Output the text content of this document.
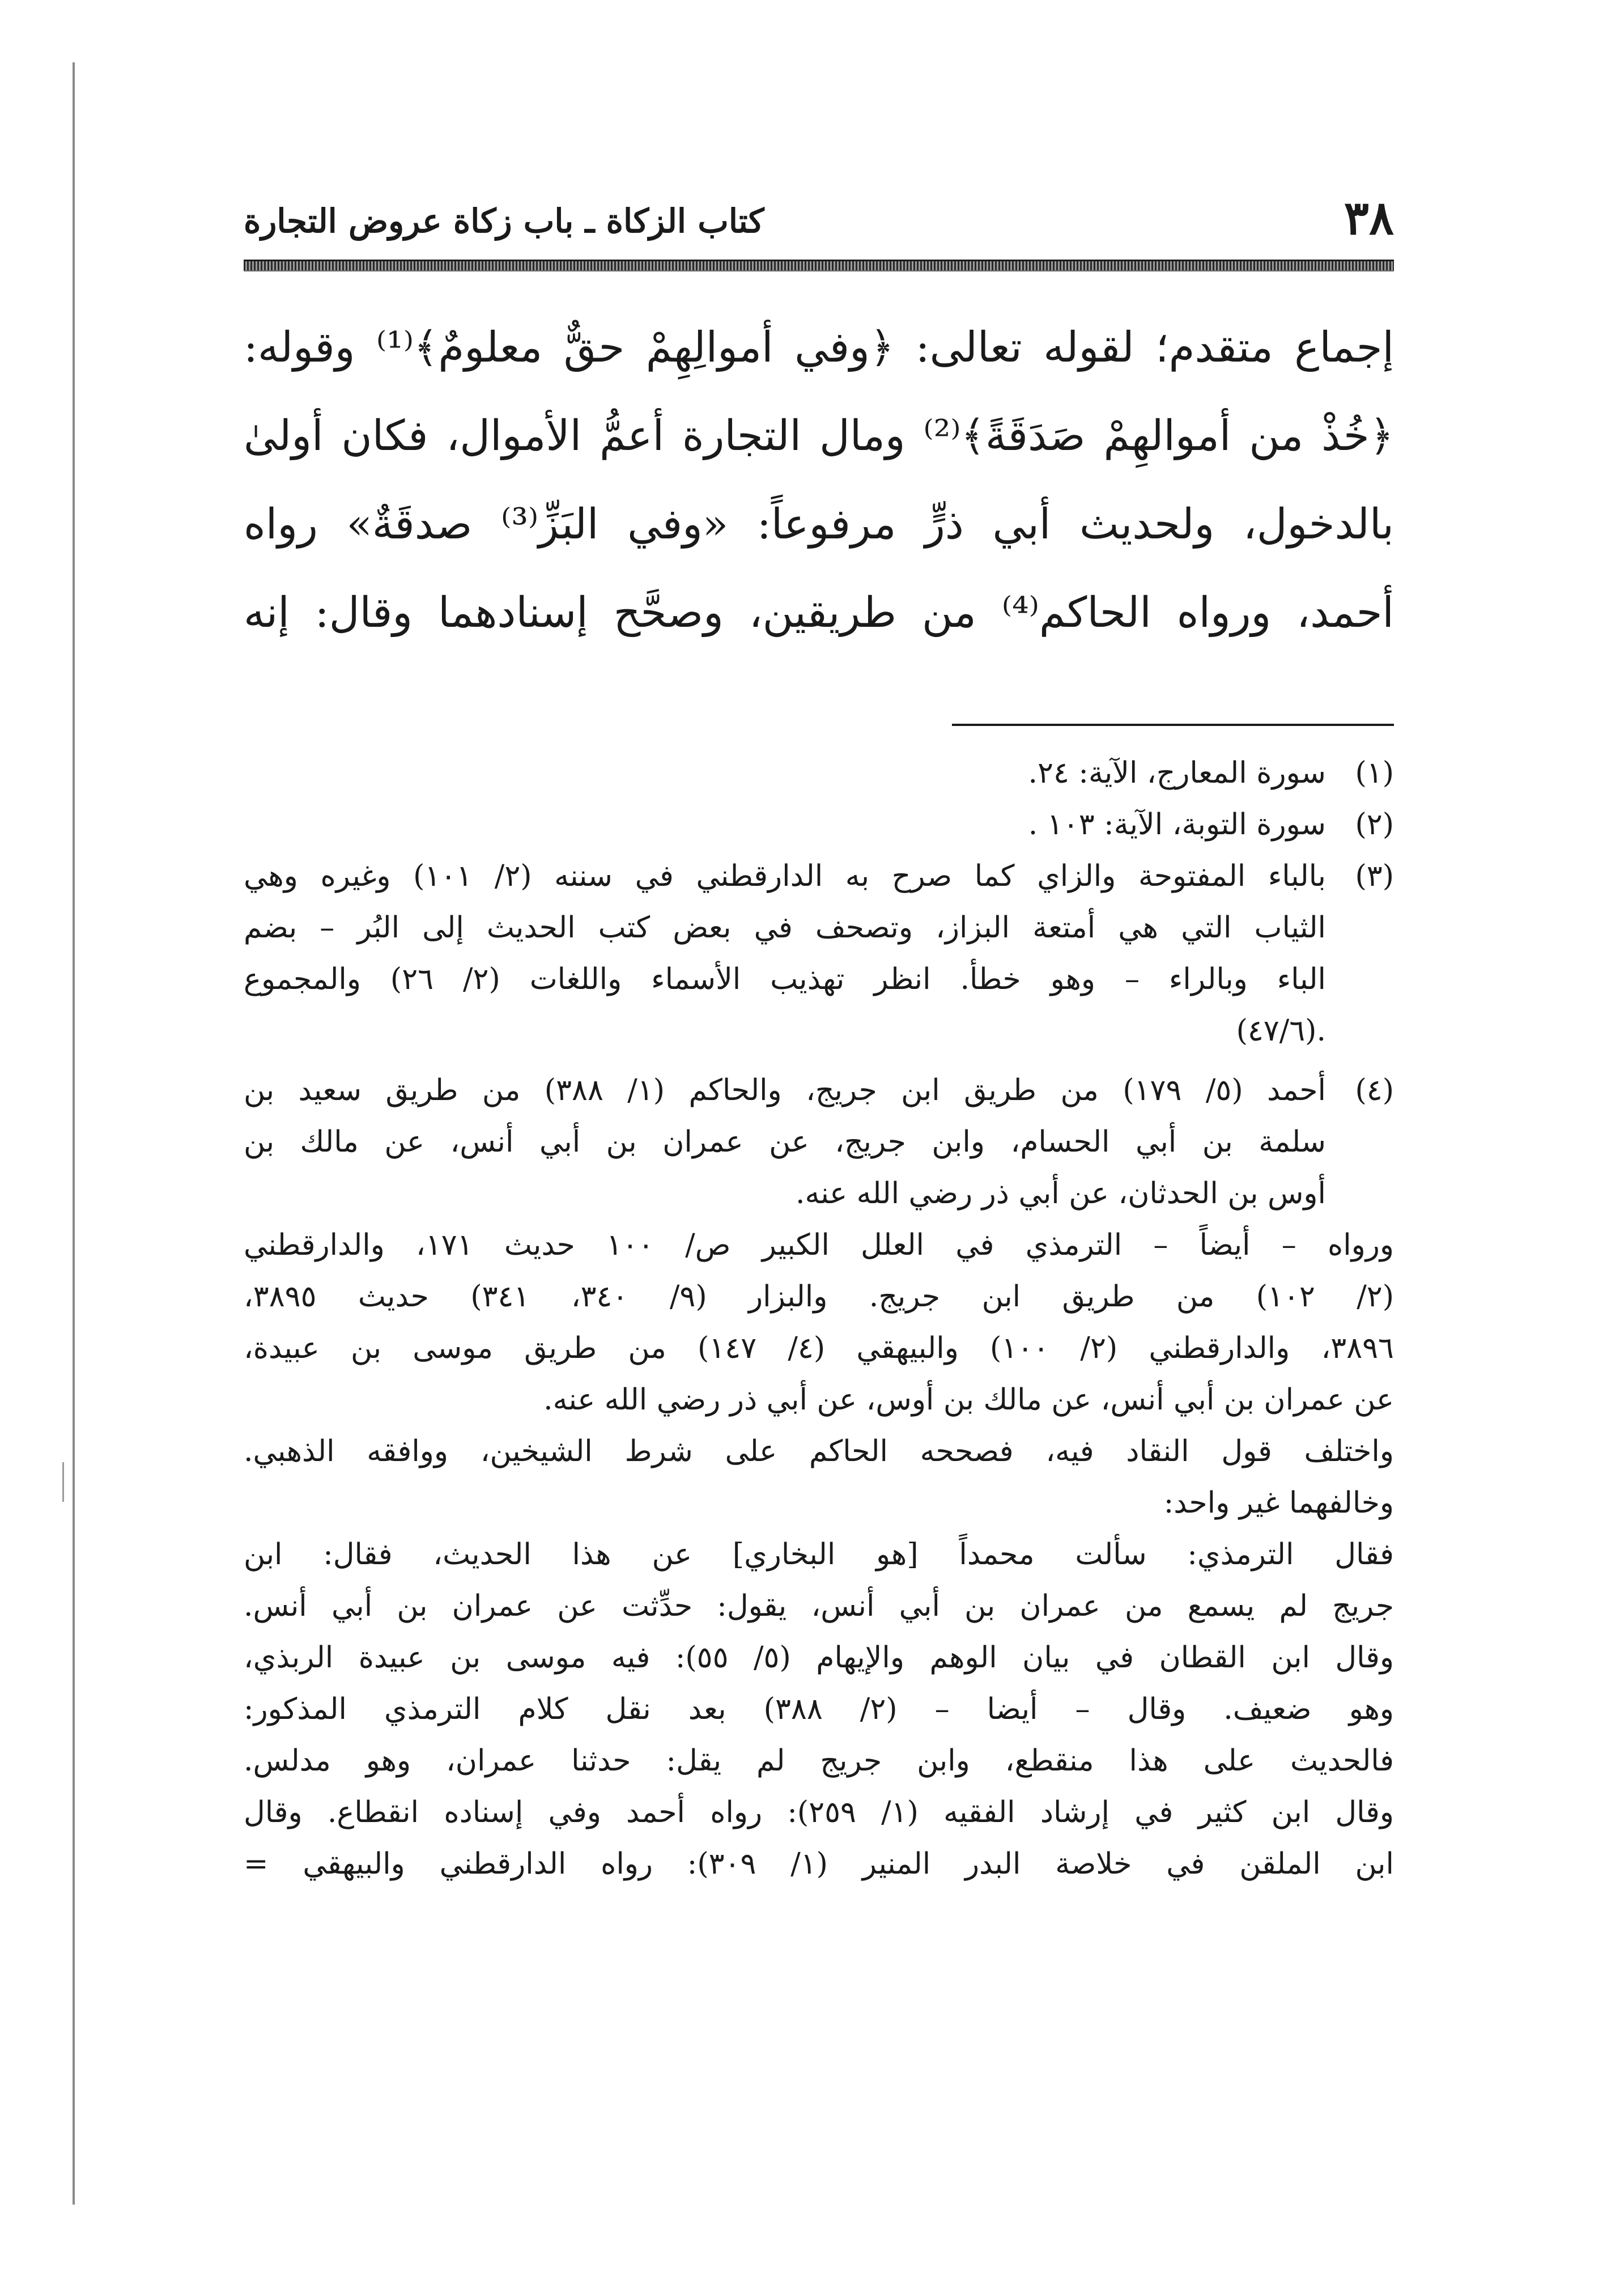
٣٨
كتاب الزكاة ـ باب زكاة عروض التجارة
إجماع متقدم؛ لقوله تعالى: ﴿وفي أموالِهِمْ حقٌّ معلومٌ﴾⁽¹⁾ وقوله:
﴿خُذْ من أموالهِمْ صَدَقَةً﴾⁽²⁾ ومال التجارة أعمُّ الأموال، فكان أولىٰ
بالدخول، ولحديث أبي ذرٍّ مرفوعاً: «وفي البَزِّ⁽³⁾ صدقَةٌ» رواه
أحمد، ورواه الحاكم⁽⁴⁾ من طريقين، وصحَّح إسنادهما وقال: إنه
(١)
سورة المعارج، الآية: ٢٤.
(٢)
سورة التوبة، الآية: ١٠٣ .
(٣)
بالباء المفتوحة والزاي كما صرح به الدارقطني في سننه (٢/ ١٠١) وغيره وهي
الثياب التي هي أمتعة البزاز، وتصحف في بعض كتب الحديث إلى البُر – بضم
الباء وبالراء – وهو خطأ. انظر تهذيب الأسماء واللغات (٢/ ٢٦) والمجموع
.(٤٧/٦)
(٤)
أحمد (٥/ ١٧٩) من طريق ابن جريج، والحاكم (١/ ٣٨٨) من طريق سعيد بن
سلمة بن أبي الحسام، وابن جريج، عن عمران بن أبي أنس، عن مالك بن
أوس بن الحدثان، عن أبي ذر رضي الله عنه.
ورواه – أيضاً – الترمذي في العلل الكبير ص/ ١٠٠ حديث ١٧١، والدارقطني
(٢/ ١٠٢) من طريق ابن جريج. والبزار (٩/ ٣٤٠، ٣٤١) حديث ٣٨٩٥،
٣٨٩٦، والدارقطني (٢/ ١٠٠) والبيهقي (٤/ ١٤٧) من طريق موسى بن عبيدة،
عن عمران بن أبي أنس، عن مالك بن أوس، عن أبي ذر رضي الله عنه.
واختلف قول النقاد فيه، فصححه الحاكم على شرط الشيخين، ووافقه الذهبي.
وخالفهما غير واحد:
فقال الترمذي: سألت محمداً [هو البخاري] عن هذا الحديث، فقال: ابن
جريج لم يسمع من عمران بن أبي أنس، يقول: حدِّثت عن عمران بن أبي أنس.
وقال ابن القطان في بيان الوهم والإيهام (٥/ ٥٥): فيه موسى بن عبيدة الربذي،
وهو ضعيف. وقال – أيضا – (٢/ ٣٨٨) بعد نقل كلام الترمذي المذكور:
فالحديث على هذا منقطع، وابن جريج لم يقل: حدثنا عمران، وهو مدلس.
وقال ابن كثير في إرشاد الفقيه (١/ ٢٥٩): رواه أحمد وفي إسناده انقطاع. وقال
ابن الملقن في خلاصة البدر المنير (١/ ٣٠٩): رواه الدارقطني والبيهقي =
